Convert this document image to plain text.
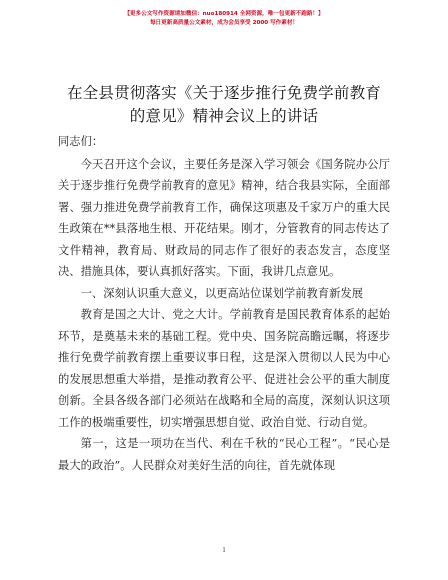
【更多公文写作资源请加微信：nuo180914 全网资源，唯一包更新不跑路！】
每日更新高质量公文素材，成为会员享受 2000 写作素材！
在全县贯彻落实《关于逐步推行免费学前教育
的意见》精神会议上的讲话

同志们：

今天召开这个会议，主要任务是深入学习领会《国务院办公厅关于逐步推行免费学前教育的意见》精神，结合我县实际，全面部署、强力推进免费学前教育工作，确保这项惠及千家万户的重大民生政策在**县落地生根、开花结果。刚才，分管教育的同志传达了文件精神，教育局、财政局的同志作了很好的表态发言，态度坚决、措施具体，要认真抓好落实。下面，我讲几点意见。

一、深刻认识重大意义，以更高站位谋划学前教育新发展

教育是国之大计、党之大计。学前教育是国民教育体系的起始环节，是奠基未来的基础工程。党中央、国务院高瞻远瞩，将逐步推行免费学前教育摆上重要议事日程，这是深入贯彻以人民为中心的发展思想重大举措，是推动教育公平、促进社会公平的重大制度创新。全县各级各部门必须站在战略和全局的高度，深刻认识这项工作的极端重要性，切实增强思想自觉、政治自觉、行动自觉。

第一，这是一项功在当代、利在千秋的“民心工程”。“民心是最大的政治”。人民群众对美好生活的向往，首先就体现

1
